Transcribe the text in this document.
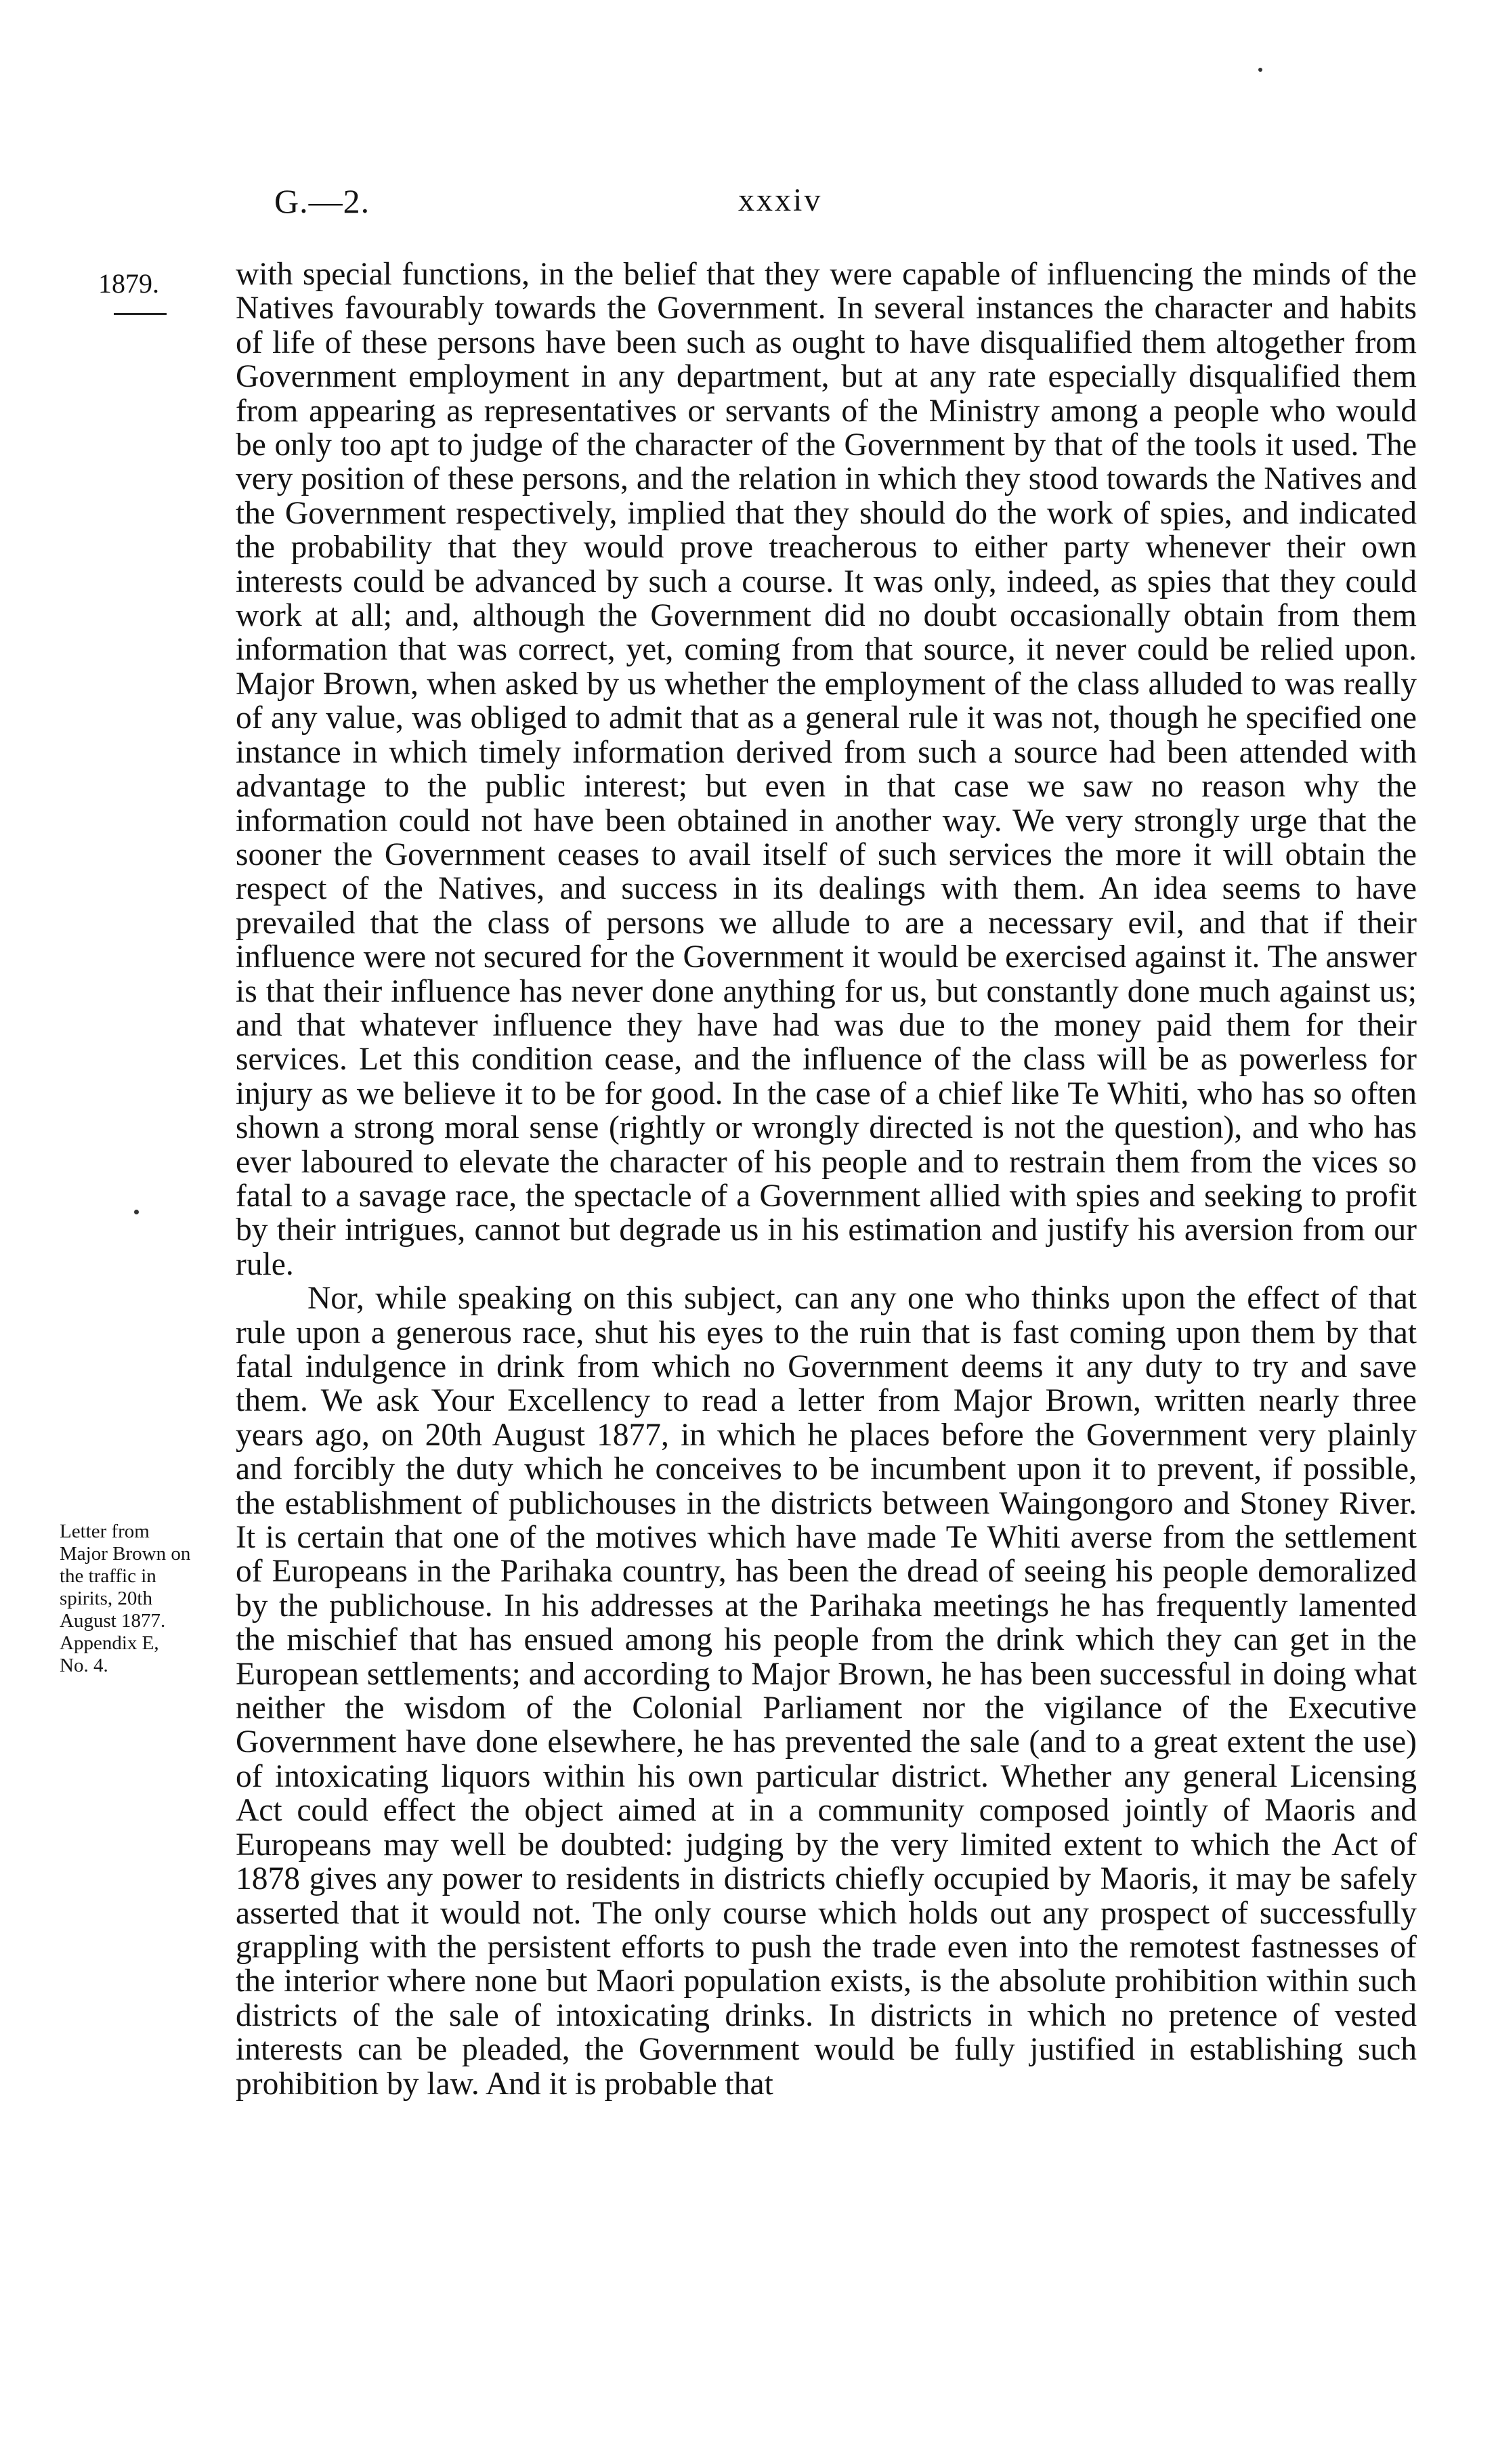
G.—2.	xxxiv
1879.
Letter from
Major Brown on
the traffic in
spirits, 20th
August 1877.
Appendix E,
No. 4.

with special functions, in the belief that they were capable of influencing the minds of the Natives favourably towards the Government. In several instances the character and habits of life of these persons have been such as ought to have disqualified them altogether from Government employment in any department, but at any rate especially disqualified them from appearing as representatives or servants of the Ministry among a people who would be only too apt to judge of the character of the Government by that of the tools it used. The very position of these persons, and the relation in which they stood towards the Natives and the Government respectively, implied that they should do the work of spies, and indicated the probability that they would prove treacherous to either party whenever their own interests could be advanced by such a course. It was only, indeed, as spies that they could work at all; and, although the Government did no doubt occasionally obtain from them information that was correct, yet, coming from that source, it never could be relied upon. Major Brown, when asked by us whether the employment of the class alluded to was really of any value, was obliged to admit that as a general rule it was not, though he specified one instance in which timely information derived from such a source had been attended with advantage to the public interest; but even in that case we saw no reason why the information could not have been obtained in another way. We very strongly urge that the sooner the Government ceases to avail itself of such services the more it will obtain the respect of the Natives, and success in its dealings with them. An idea seems to have prevailed that the class of persons we allude to are a necessary evil, and that if their influence were not secured for the Government it would be exercised against it. The answer is that their influence has never done anything for us, but constantly done much against us; and that whatever influence they have had was due to the money paid them for their services. Let this condition cease, and the influence of the class will be as powerless for injury as we believe it to be for good. In the case of a chief like Te Whiti, who has so often shown a strong moral sense (rightly or wrongly directed is not the question), and who has ever laboured to elevate the character of his people and to restrain them from the vices so fatal to a savage race, the spectacle of a Government allied with spies and seeking to profit by their intrigues, cannot but degrade us in his estimation and justify his aversion from our rule.

Nor, while speaking on this subject, can any one who thinks upon the effect of that rule upon a generous race, shut his eyes to the ruin that is fast coming upon them by that fatal indulgence in drink from which no Government deems it any duty to try and save them. We ask Your Excellency to read a letter from Major Brown, written nearly three years ago, on 20th August 1877, in which he places before the Government very plainly and forcibly the duty which he conceives to be incumbent upon it to prevent, if possible, the establishment of publichouses in the districts between Waingongoro and Stoney River. It is certain that one of the motives which have made Te Whiti averse from the settlement of Europeans in the Parihaka country, has been the dread of seeing his people demoralized by the publichouse. In his addresses at the Parihaka meetings he has frequently lamented the mischief that has ensued among his people from the drink which they can get in the European settlements; and according to Major Brown, he has been successful in doing what neither the wisdom of the Colonial Parliament nor the vigilance of the Executive Government have done elsewhere, he has prevented the sale (and to a great extent the use) of intoxicating liquors within his own particular district. Whether any general Licensing Act could effect the object aimed at in a community composed jointly of Maoris and Europeans may well be doubted: judging by the very limited extent to which the Act of 1878 gives any power to residents in districts chiefly occupied by Maoris, it may be safely asserted that it would not. The only course which holds out any prospect of successfully grappling with the persistent efforts to push the trade even into the remotest fastnesses of the interior where none but Maori population exists, is the absolute prohibition within such districts of the sale of intoxicating drinks. In districts in which no pretence of vested interests can be pleaded, the Government would be fully justified in establishing such prohibition by law. And it is probable that
